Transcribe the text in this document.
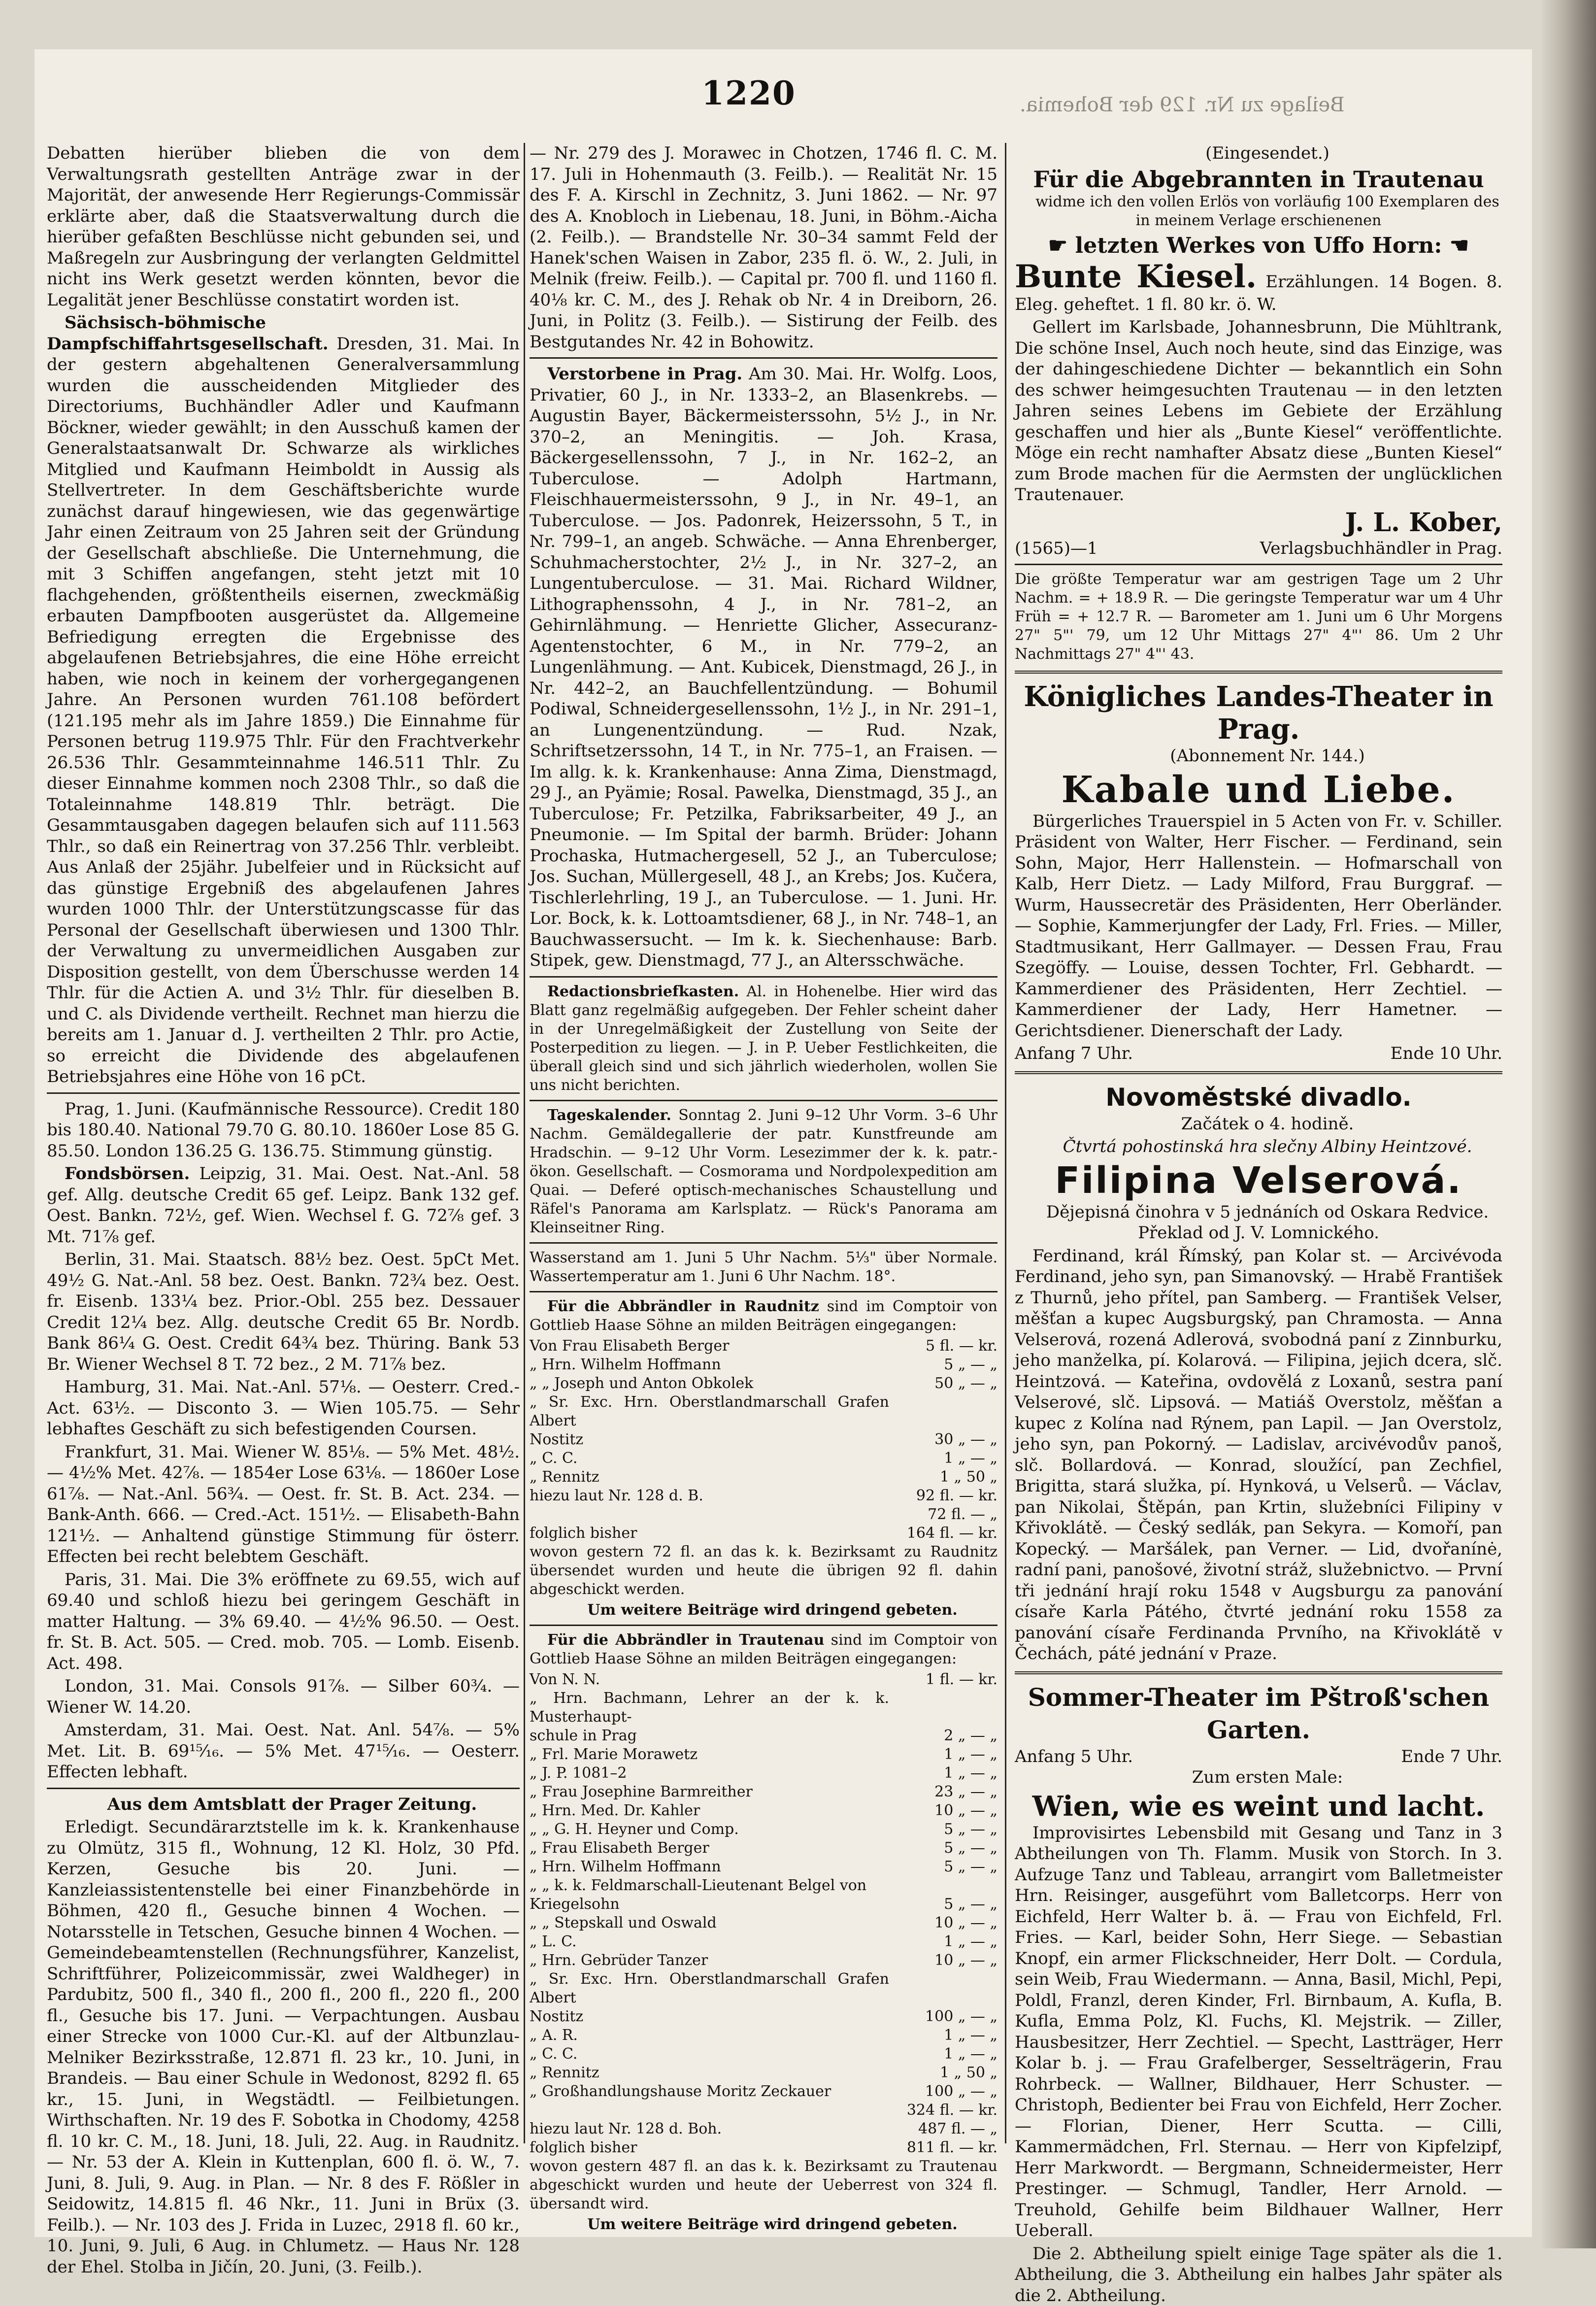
1220	Beilage zu Nr. 129 der Bohemia.

Debatten hierüber blieben die von dem Verwaltungsrath gestellten Anträge zwar in der Majorität, der anwesende Herr Regierungs-Commissär erklärte aber, daß die Staatsverwaltung durch die hierüber gefaßten Beschlüsse nicht gebunden sei, und Maßregeln zur Ausbringung der verlangten Geldmittel nicht ins Werk gesetzt werden könnten, bevor die Legalität jener Beschlüsse constatirt worden ist.

Sächsisch-böhmische Dampfschiffahrtsgesellschaft. Dresden, 31. Mai. In der gestern abgehaltenen Generalversammlung wurden die ausscheidenden Mitglieder des Directoriums, Buchhändler Adler und Kaufmann Böckner, wieder gewählt; in den Ausschuß kamen der Generalstaatsanwalt Dr. Schwarze als wirkliches Mitglied und Kaufmann Heimboldt in Aussig als Stellvertreter. In dem Geschäftsberichte wurde zunächst darauf hingewiesen, wie das gegenwärtige Jahr einen Zeitraum von 25 Jahren seit der Gründung der Gesellschaft abschließe. Die Unternehmung, die mit 3 Schiffen angefangen, steht jetzt mit 10 flachgehenden, größtentheils eisernen, zweckmäßig erbauten Dampfbooten ausgerüstet da. Allgemeine Befriedigung erregten die Ergebnisse des abgelaufenen Betriebsjahres, die eine Höhe erreicht haben, wie noch in keinem der vorhergegangenen Jahre. An Personen wurden 761.108 befördert (121.195 mehr als im Jahre 1859.) Die Einnahme für Personen betrug 119.975 Thlr. Für den Frachtverkehr 26.536 Thlr. Gesammteinnahme 146.511 Thlr. Zu dieser Einnahme kommen noch 2308 Thlr., so daß die Totaleinnahme 148.819 Thlr. beträgt. Die Gesammtausgaben dagegen belaufen sich auf 111.563 Thlr., so daß ein Reinertrag von 37.256 Thlr. verbleibt. Aus Anlaß der 25jähr. Jubelfeier und in Rücksicht auf das günstige Ergebniß des abgelaufenen Jahres wurden 1000 Thlr. der Unterstützungscasse für das Personal der Gesellschaft überwiesen und 1300 Thlr. der Verwaltung zu unvermeidlichen Ausgaben zur Disposition gestellt, von dem Überschusse werden 14 Thlr. für die Actien A. und 3½ Thlr. für dieselben B. und C. als Dividende vertheilt. Rechnet man hierzu die bereits am 1. Januar d. J. vertheilten 2 Thlr. pro Actie, so erreicht die Dividende des abgelaufenen Betriebsjahres eine Höhe von 16 pCt.

Prag, 1. Juni. (Kaufmännische Ressource). Credit 180 bis 180.40. National 79.70 G. 80.10. 1860er Lose 85 G. 85.50. London 136.25 G. 136.75. Stimmung günstig.

Fondsbörsen. Leipzig, 31. Mai. Oest. Nat.-Anl. 58 gef. Allg. deutsche Credit 65 gef. Leipz. Bank 132 gef. Oest. Bankn. 72½, gef. Wien. Wechsel f. G. 72⅞ gef. 3 Mt. 71⅞ gef.

Berlin, 31. Mai. Staatsch. 88½ bez. Oest. 5pCt Met. 49½ G. Nat.-Anl. 58 bez. Oest. Bankn. 72¾ bez. Oest. fr. Eisenb. 133¼ bez. Prior.-Obl. 255 bez. Dessauer Credit 12¼ bez. Allg. deutsche Credit 65 Br. Nordb. Bank 86¼ G. Oest. Credit 64¾ bez. Thüring. Bank 53 Br. Wiener Wechsel 8 T. 72 bez., 2 M. 71⅞ bez.

Hamburg, 31. Mai. Nat.-Anl. 57⅛. — Oesterr. Cred.-Act. 63½. — Disconto 3. — Wien 105.75. — Sehr lebhaftes Geschäft zu sich befestigenden Coursen.

Frankfurt, 31. Mai. Wiener W. 85⅛. — 5% Met. 48½. — 4½% Met. 42⅞. — 1854er Lose 63⅛. — 1860er Lose 61⅞. — Nat.-Anl. 56¾. — Oest. fr. St. B. Act. 234. — Bank-Anth. 666. — Cred.-Act. 151½. — Elisabeth-Bahn 121½. — Anhaltend günstige Stimmung für österr. Effecten bei recht belebtem Geschäft.

Paris, 31. Mai. Die 3% eröffnete zu 69.55, wich auf 69.40 und schloß hiezu bei geringem Geschäft in matter Haltung. — 3% 69.40. — 4½% 96.50. — Oest. fr. St. B. Act. 505. — Cred. mob. 705. — Lomb. Eisenb. Act. 498.

London, 31. Mai. Consols 91⅞. — Silber 60¾. — Wiener W. 14.20.

Amsterdam, 31. Mai. Oest. Nat. Anl. 54⅞. — 5% Met. Lit. B. 69¹⁵⁄₁₆. — 5% Met. 47¹⁵⁄₁₆. — Oesterr. Effecten lebhaft.

Aus dem Amtsblatt der Prager Zeitung.

Erledigt. Secundärarztstelle im k. k. Krankenhause zu Olmütz, 315 fl., Wohnung, 12 Kl. Holz, 30 Pfd. Kerzen, Gesuche bis 20. Juni. — Kanzleiassistentenstelle bei einer Finanzbehörde in Böhmen, 420 fl., Gesuche binnen 4 Wochen. — Notarsstelle in Tetschen, Gesuche binnen 4 Wochen. — Gemeindebeamtenstellen (Rechnungsführer, Kanzelist, Schriftführer, Polizeicommissär, zwei Waldheger) in Pardubitz, 500 fl., 340 fl., 200 fl., 200 fl., 220 fl., 200 fl., Gesuche bis 17. Juni. — Verpachtungen. Ausbau einer Strecke von 1000 Cur.-Kl. auf der Altbunzlau-Melniker Bezirksstraße, 12.871 fl. 23 kr., 10. Juni, in Brandeis. — Bau einer Schule in Wedonost, 8292 fl. 65 kr., 15. Juni, in Wegstädtl. — Feilbietungen. Wirthschaften. Nr. 19 des F. Sobotka in Chodomy, 4258 fl. 10 kr. C. M., 18. Juni, 18. Juli, 22. Aug. in Raudnitz. — Nr. 53 der A. Klein in Kuttenplan, 600 fl. ö. W., 7. Juni, 8. Juli, 9. Aug. in Plan. — Nr. 8 des F. Rößler in Seidowitz, 14.815 fl. 46 Nkr., 11. Juni in Brüx (3. Feilb.). — Nr. 103 des J. Frida in Luzec, 2918 fl. 60 kr., 10. Juni, 9. Juli, 6 Aug. in Chlumetz. — Haus Nr. 128 der Ehel. Stolba in Jičín, 20. Juni, (3. Feilb.).

— Nr. 279 des J. Morawec in Chotzen, 1746 fl. C. M. 17. Juli in Hohenmauth (3. Feilb.). — Realität Nr. 15 des F. A. Kirschl in Zechnitz, 3. Juni 1862. — Nr. 97 des A. Knobloch in Liebenau, 18. Juni, in Böhm.-Aicha (2. Feilb.). — Brandstelle Nr. 30–34 sammt Feld der Hanek'schen Waisen in Zabor, 235 fl. ö. W., 2. Juli, in Melnik (freiw. Feilb.). — Capital pr. 700 fl. und 1160 fl. 40⅛ kr. C. M., des J. Rehak ob Nr. 4 in Dreiborn, 26. Juni, in Politz (3. Feilb.). — Sistirung der Feilb. des Bestgutandes Nr. 42 in Bohowitz.

Verstorbene in Prag. Am 30. Mai. Hr. Wolfg. Loos, Privatier, 60 J., in Nr. 1333–2, an Blasenkrebs. — Augustin Bayer, Bäckermeisterssohn, 5½ J., in Nr. 370–2, an Meningitis. — Joh. Krasa, Bäckergesellenssohn, 7 J., in Nr. 162–2, an Tuberculose. — Adolph Hartmann, Fleischhauermeisterssohn, 9 J., in Nr. 49–1, an Tuberculose. — Jos. Padonrek, Heizerssohn, 5 T., in Nr. 799–1, an angeb. Schwäche. — Anna Ehrenberger, Schuhmacherstochter, 2½ J., in Nr. 327–2, an Lungentuberculose. — 31. Mai. Richard Wildner, Lithographenssohn, 4 J., in Nr. 781–2, an Gehirnlähmung. — Henriette Glicher, Assecuranz-Agentenstochter, 6 M., in Nr. 779–2, an Lungenlähmung. — Ant. Kubicek, Dienstmagd, 26 J., in Nr. 442–2, an Bauchfellentzündung. — Bohumil Podiwal, Schneidergesellenssohn, 1½ J., in Nr. 291–1, an Lungenentzündung. — Rud. Nzak, Schriftsetzerssohn, 14 T., in Nr. 775–1, an Fraisen. — Im allg. k. k. Krankenhause: Anna Zima, Dienstmagd, 29 J., an Pyämie; Rosal. Pawelka, Dienstmagd, 35 J., an Tuberculose; Fr. Petzilka, Fabriksarbeiter, 49 J., an Pneumonie. — Im Spital der barmh. Brüder: Johann Prochaska, Hutmachergesell, 52 J., an Tuberculose; Jos. Suchan, Müllergesell, 48 J., an Krebs; Jos. Kučera, Tischlerlehrling, 19 J., an Tuberculose. — 1. Juni. Hr. Lor. Bock, k. k. Lottoamtsdiener, 68 J., in Nr. 748–1, an Bauchwassersucht. — Im k. k. Siechenhause: Barb. Stipek, gew. Dienstmagd, 77 J., an Altersschwäche.

Redactionsbriefkasten. Al. in Hohenelbe. Hier wird das Blatt ganz regelmäßig aufgegeben. Der Fehler scheint daher in der Unregelmäßigkeit der Zustellung von Seite der Posterpedition zu liegen. — J. in P. Ueber Festlichkeiten, die überall gleich sind und sich jährlich wiederholen, wollen Sie uns nicht berichten.

Tageskalender. Sonntag 2. Juni 9–12 Uhr Vorm. 3–6 Uhr Nachm. Gemäldegallerie der patr. Kunstfreunde am Hradschin. — 9–12 Uhr Vorm. Lesezimmer der k. k. patr.-ökon. Gesellschaft. — Cosmorama und Nordpolexpedition am Quai. — Deferé optisch-mechanisches Schaustellung und Räfel's Panorama am Karlsplatz. — Rück's Panorama am Kleinseitner Ring.

Wasserstand am 1. Juni 5 Uhr Nachm. 5⅓" über Normale. Wassertemperatur am 1. Juni 6 Uhr Nachm. 18°.

Für die Abbrändler in Raudnitz sind im Comptoir von Gottlieb Haase Söhne an milden Beiträgen eingegangen:

Von Frau Elisabeth Berger	5 fl. — kr.
„ Hrn. Wilhelm Hoffmann	5 „ — „
„ „ Joseph und Anton Obkolek	50 „ — „
„ Sr. Exc. Hrn. Oberstlandmarschall Grafen Albert	
Nostitz	30 „ — „
„ C. C.	1 „ — „
„ Rennitz	1 „ 50 „
hiezu laut Nr. 128 d. B.	92 fl. — kr.
	72 fl. — „
folglich bisher	164 fl. — kr.

wovon gestern 72 fl. an das k. k. Bezirksamt zu Raudnitz übersendet wurden und heute die übrigen 92 fl. dahin abgeschickt werden.

Um weitere Beiträge wird dringend gebeten.

Für die Abbrändler in Trautenau sind im Comptoir von Gottlieb Haase Söhne an milden Beiträgen eingegangen:

Von N. N.	1 fl. — kr.
„ Hrn. Bachmann, Lehrer an der k. k. Musterhaupt-	
schule in Prag	2 „ — „
„ Frl. Marie Morawetz	1 „ — „
„ J. P. 1081–2	1 „ — „
„ Frau Josephine Barmreither	23 „ — „
„ Hrn. Med. Dr. Kahler	10 „ — „
„ „ G. H. Heyner und Comp.	5 „ — „
„ Frau Elisabeth Berger	5 „ — „
„ Hrn. Wilhelm Hoffmann	5 „ — „
„ „ k. k. Feldmarschall-Lieutenant Belgel von	
Kriegelsohn	5 „ — „
„ „ Stepskall und Oswald	10 „ — „
„ L. C.	1 „ — „
„ Hrn. Gebrüder Tanzer	10 „ — „
„ Sr. Exc. Hrn. Oberstlandmarschall Grafen Albert	
Nostitz	100 „ — „
„ A. R.	1 „ — „
„ C. C.	1 „ — „
„ Rennitz	1 „ 50 „
„ Großhandlungshause Moritz Zeckauer	100 „ — „
	324 fl. — kr.
hiezu laut Nr. 128 d. Boh.	487 fl. — „
folglich bisher	811 fl. — kr.

wovon gestern 487 fl. an das k. k. Bezirksamt zu Trautenau abgeschickt wurden und heute der Ueberrest von 324 fl. übersandt wird.

Um weitere Beiträge wird dringend gebeten.

(Eingesendet.)

Für die Abgebrannten in Trautenau

widme ich den vollen Erlös von vorläufig 100 Exemplaren des in meinem Verlage erschienenen

☛ letzten Werkes von Uffo Horn: ☚

Bunte Kiesel. Erzählungen. 14 Bogen. 8. Eleg. geheftet. 1 fl. 80 kr. ö. W.

Gellert im Karlsbade, Johannesbrunn, Die Mühltrank, Die schöne Insel, Auch noch heute, sind das Einzige, was der dahingeschiedene Dichter — bekanntlich ein Sohn des schwer heimgesuchten Trautenau — in den letzten Jahren seines Lebens im Gebiete der Erzählung geschaffen und hier als „Bunte Kiesel“ veröffentlichte. Möge ein recht namhafter Absatz diese „Bunten Kiesel“ zum Brode machen für die Aermsten der unglücklichen Trautenauer.

J. L. Kober,
(1565)—1	Verlagsbuchhändler in Prag.

Die größte Temperatur war am gestrigen Tage um 2 Uhr Nachm. = + 18.9 R. — Die geringste Temperatur war um 4 Uhr Früh = + 12.7 R. — Barometer am 1. Juni um 6 Uhr Morgens 27" 5"' 79, um 12 Uhr Mittags 27" 4"' 86. Um 2 Uhr Nachmittags 27" 4"' 43.

Königliches Landes-Theater in Prag.

(Abonnement Nr. 144.)

Kabale und Liebe.

Bürgerliches Trauerspiel in 5 Acten von Fr. v. Schiller. Präsident von Walter, Herr Fischer. — Ferdinand, sein Sohn, Major, Herr Hallenstein. — Hofmarschall von Kalb, Herr Dietz. — Lady Milford, Frau Burggraf. — Wurm, Haussecretär des Präsidenten, Herr Oberländer. — Sophie, Kammerjungfer der Lady, Frl. Fries. — Miller, Stadtmusikant, Herr Gallmayer. — Dessen Frau, Frau Szegöffy. — Louise, dessen Tochter, Frl. Gebhardt. — Kammerdiener des Präsidenten, Herr Zechtiel. — Kammerdiener der Lady, Herr Hametner. — Gerichtsdiener. Dienerschaft der Lady.

Anfang 7 Uhr.	Ende 10 Uhr.
Novoměstské divadlo.

Začátek o 4. hodině.

Čtvrtá pohostinská hra slečny Albiny Heintzové.

Filipina Velserová.

Dějepisná činohra v 5 jednáních od Oskara Redvice. Překlad od J. V. Lomnického.

Ferdinand, král Římský, pan Kolar st. — Arcivévoda Ferdinand, jeho syn, pan Simanovský. — Hrabě František z Thurnů, jeho přítel, pan Samberg. — František Velser, měšťan a kupec Augsburgský, pan Chramosta. — Anna Velserová, rozená Adlerová, svobodná paní z Zinnburku, jeho manželka, pí. Kolarová. — Filipina, jejich dcera, slč. Heintzová. — Kateřina, ovdovělá z Loxanů, sestra paní Velserové, slč. Lipsová. — Matiáš Overstolz, měšťan a kupec z Kolína nad Rýnem, pan Lapil. — Jan Overstolz, jeho syn, pan Pokorný. — Ladislav, arcivévodův panoš, slč. Bollardová. — Konrad, sloužící, pan Zechfiel, Brigitta, stará služka, pí. Hynková, u Velserů. — Václav, pan Nikolai, Štěpán, pan Krtin, služebníci Filipiny v Křivoklátě. — Český sedlák, pan Sekyra. — Komoří, pan Kopecký. — Maršálek, pan Verner. — Lid, dvořanínė, radní pani, panošové, životní stráž, služebnictvo. — První tři jednání hrají roku 1548 v Augsburgu za panování císaře Karla Pátého, čtvrté jednání roku 1558 za panování císaře Ferdinanda Prvního, na Křivoklátě v Čechách, páté jednání v Praze.

Sommer-Theater im Pštroß'schen Garten.
Anfang 5 Uhr.	Ende 7 Uhr.

Zum ersten Male:

Wien, wie es weint und lacht.

Improvisirtes Lebensbild mit Gesang und Tanz in 3 Abtheilungen von Th. Flamm. Musik von Storch. In 3. Aufzuge Tanz und Tableau, arrangirt vom Balletmeister Hrn. Reisinger, ausgeführt vom Balletcorps. Herr von Eichfeld, Herr Walter b. ä. — Frau von Eichfeld, Frl. Fries. — Karl, beider Sohn, Herr Siege. — Sebastian Knopf, ein armer Flickschneider, Herr Dolt. — Cordula, sein Weib, Frau Wiedermann. — Anna, Basil, Michl, Pepi, Poldl, Franzl, deren Kinder, Frl. Birnbaum, A. Kufla, B. Kufla, Emma Polz, Kl. Fuchs, Kl. Mejstrik. — Ziller, Hausbesitzer, Herr Zechtiel. — Specht, Lastträger, Herr Kolar b. j. — Frau Grafelberger, Sesselträgerin, Frau Rohrbeck. — Wallner, Bildhauer, Herr Schuster. — Christoph, Bedienter bei Frau von Eichfeld, Herr Zocher. — Florian, Diener, Herr Scutta. — Cilli, Kammermädchen, Frl. Sternau. — Herr von Kipfelzipf, Herr Markwordt. — Bergmann, Schneidermeister, Herr Prestinger. — Schmugl, Tandler, Herr Arnold. — Treuhold, Gehilfe beim Bildhauer Wallner, Herr Ueberall.

Die 2. Abtheilung spielt einige Tage später als die 1. Abtheilung, die 3. Abtheilung ein halbes Jahr später als die 2. Abtheilung.
